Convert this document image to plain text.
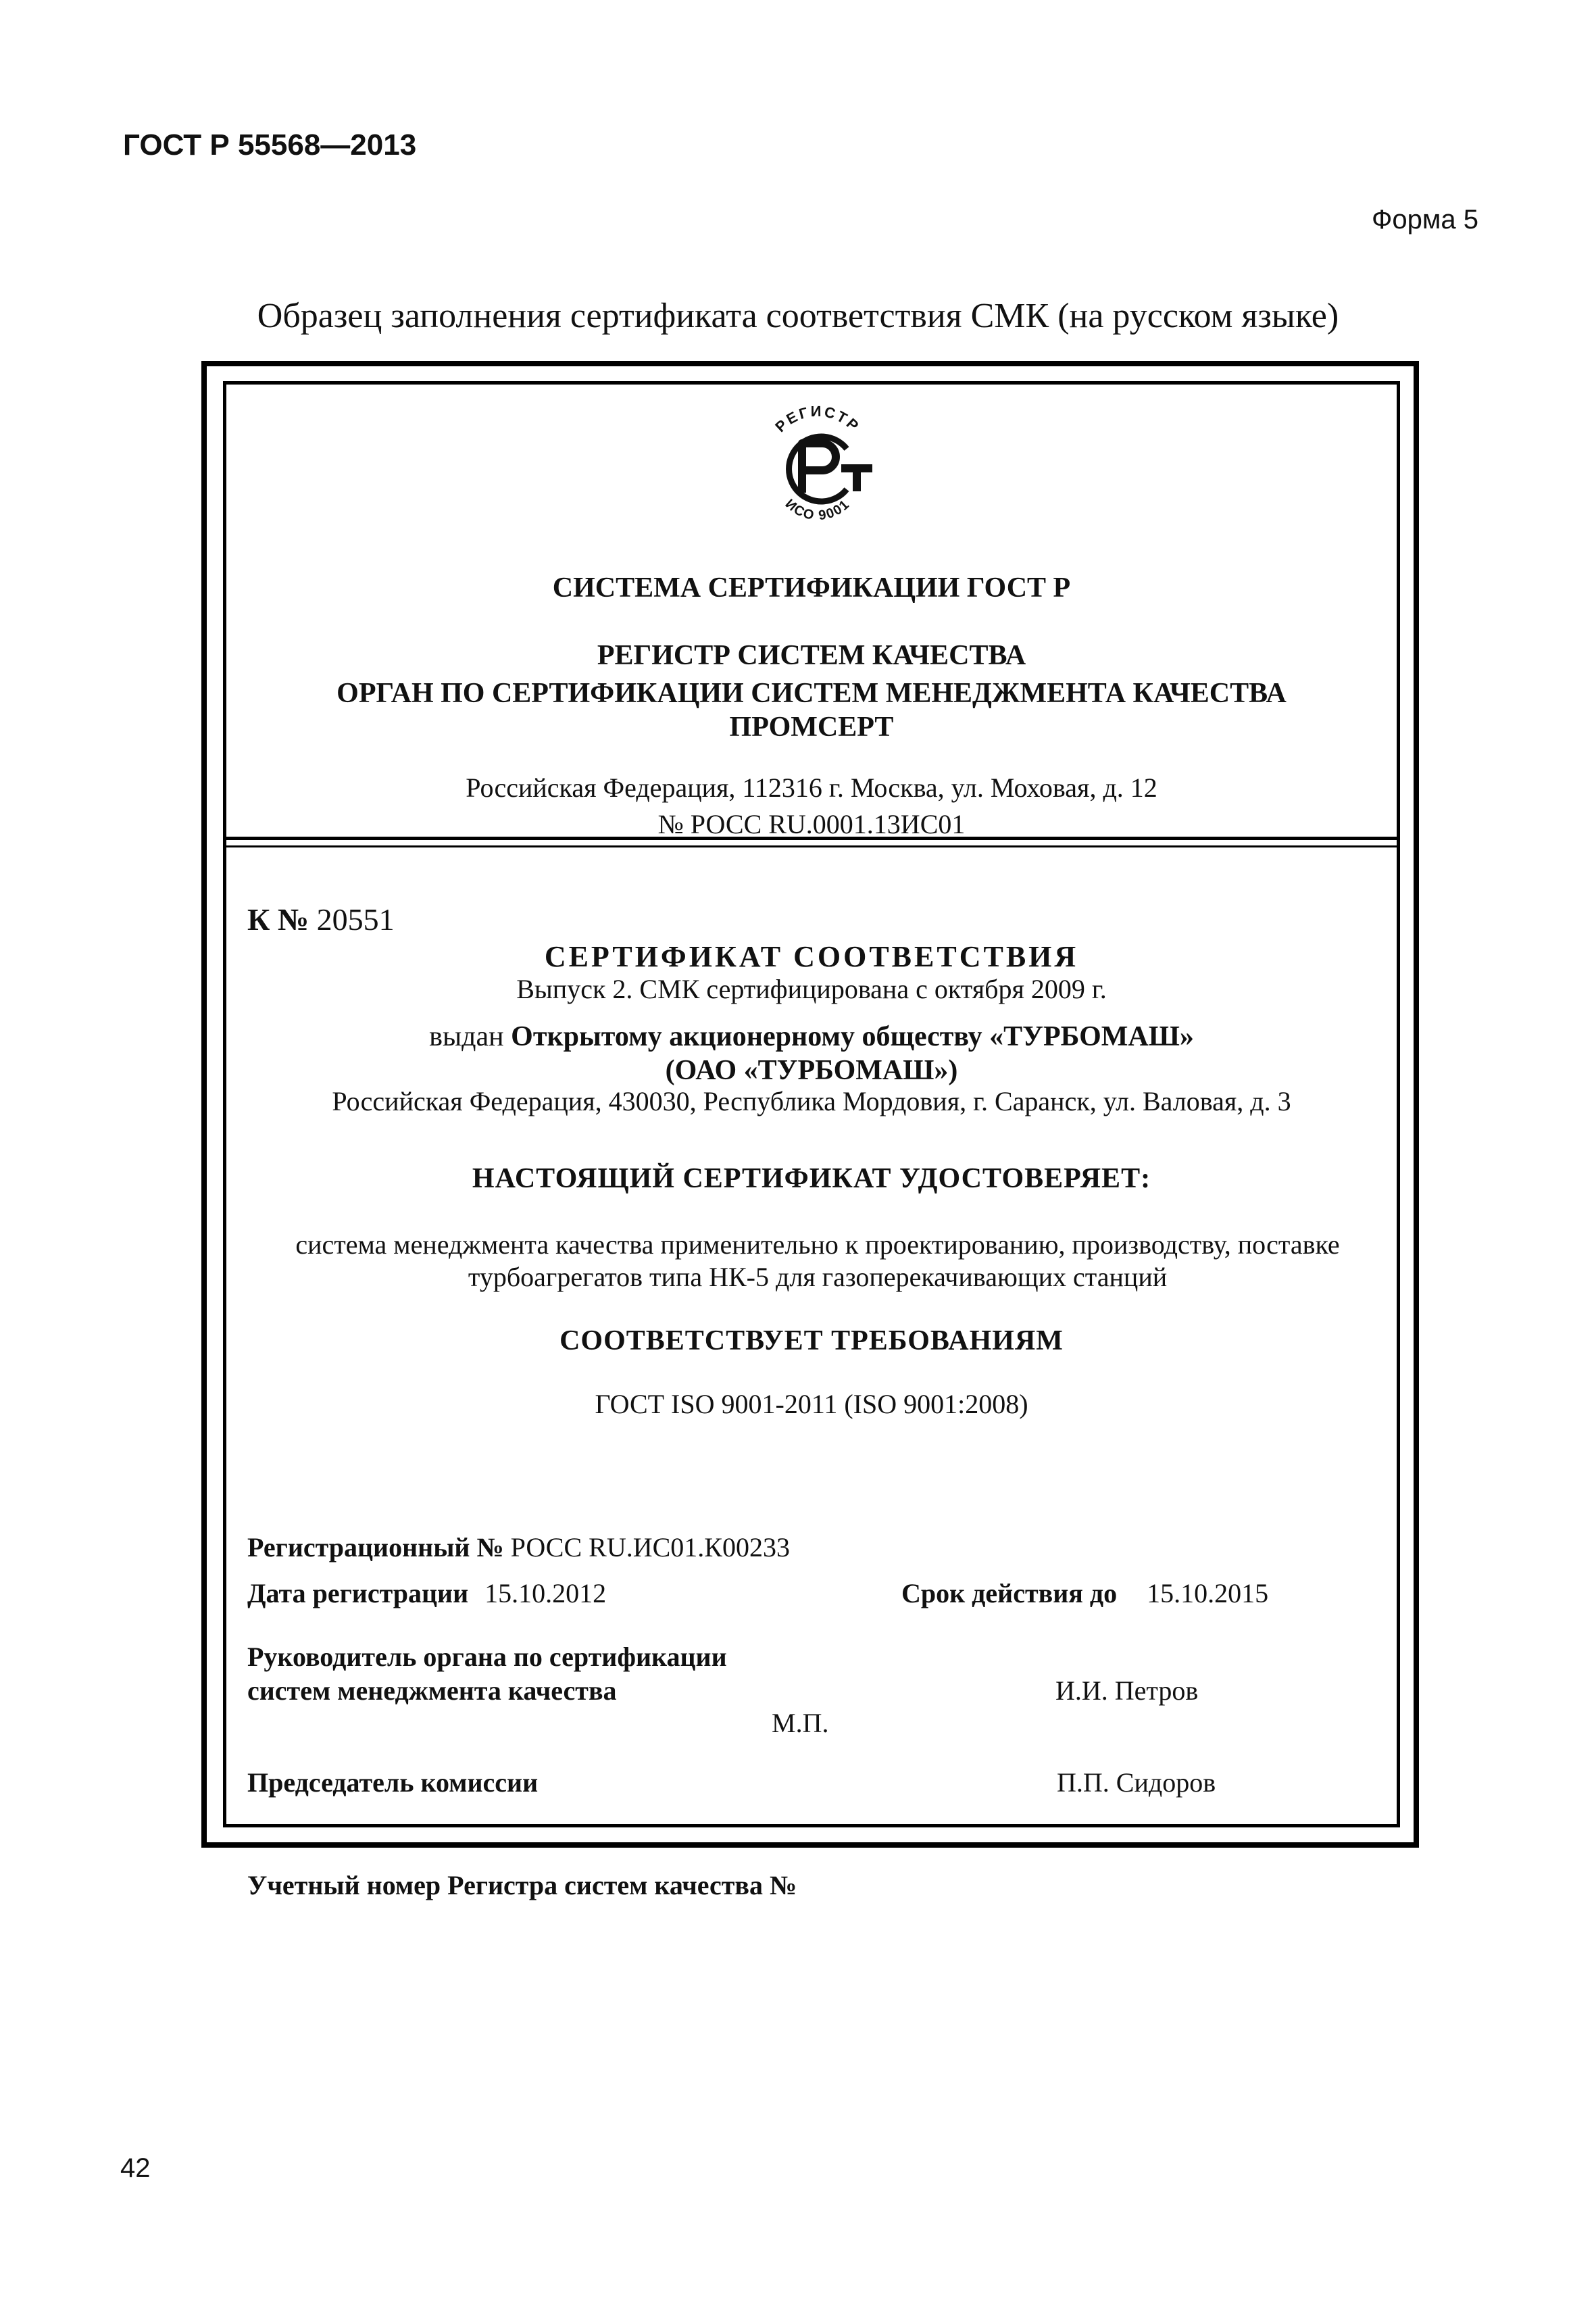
ГОСТ Р 55568—2013
Форма 5
Образец заполнения сертификата соответствия СМК (на русском языке)
РЕГИСТР
ИСО 9001
СИСТЕМА СЕРТИФИКАЦИИ ГОСТ Р
РЕГИСТР СИСТЕМ КАЧЕСТВА
ОРГАН ПО СЕРТИФИКАЦИИ СИСТЕМ МЕНЕДЖМЕНТА КАЧЕСТВА
ПРОМСЕРТ
Российская Федерация, 112316 г. Москва, ул. Моховая, д. 12
№ РОСС RU.0001.13ИС01
К № 20551
СЕРТИФИКАТ СООТВЕТСТВИЯ
Выпуск 2. СМК сертифицирована с октября 2009 г.
выдан Открытому акционерному обществу «ТУРБОМАШ»
(ОАО «ТУРБОМАШ»)
Российская Федерация, 430030, Республика Мордовия, г. Саранск, ул. Валовая, д. 3
НАСТОЯЩИЙ СЕРТИФИКАТ УДОСТОВЕРЯЕТ:
система менеджмента качества применительно к проектированию, производству, поставке
турбоагрегатов типа НК-5 для газоперекачивающих станций
СООТВЕТСТВУЕТ ТРЕБОВАНИЯМ
ГОСТ ISO 9001-2011 (ISO 9001:2008)
Регистрационный № РОСС RU.ИС01.К00233
Дата регистрации 15.10.2012	Срок действия до 15.10.2015
Руководитель органа по сертификации
систем менеджмента качества	И.И. Петров
М.П.
Председатель комиссии	П.П. Сидоров
Учетный номер Регистра систем качества №
42
